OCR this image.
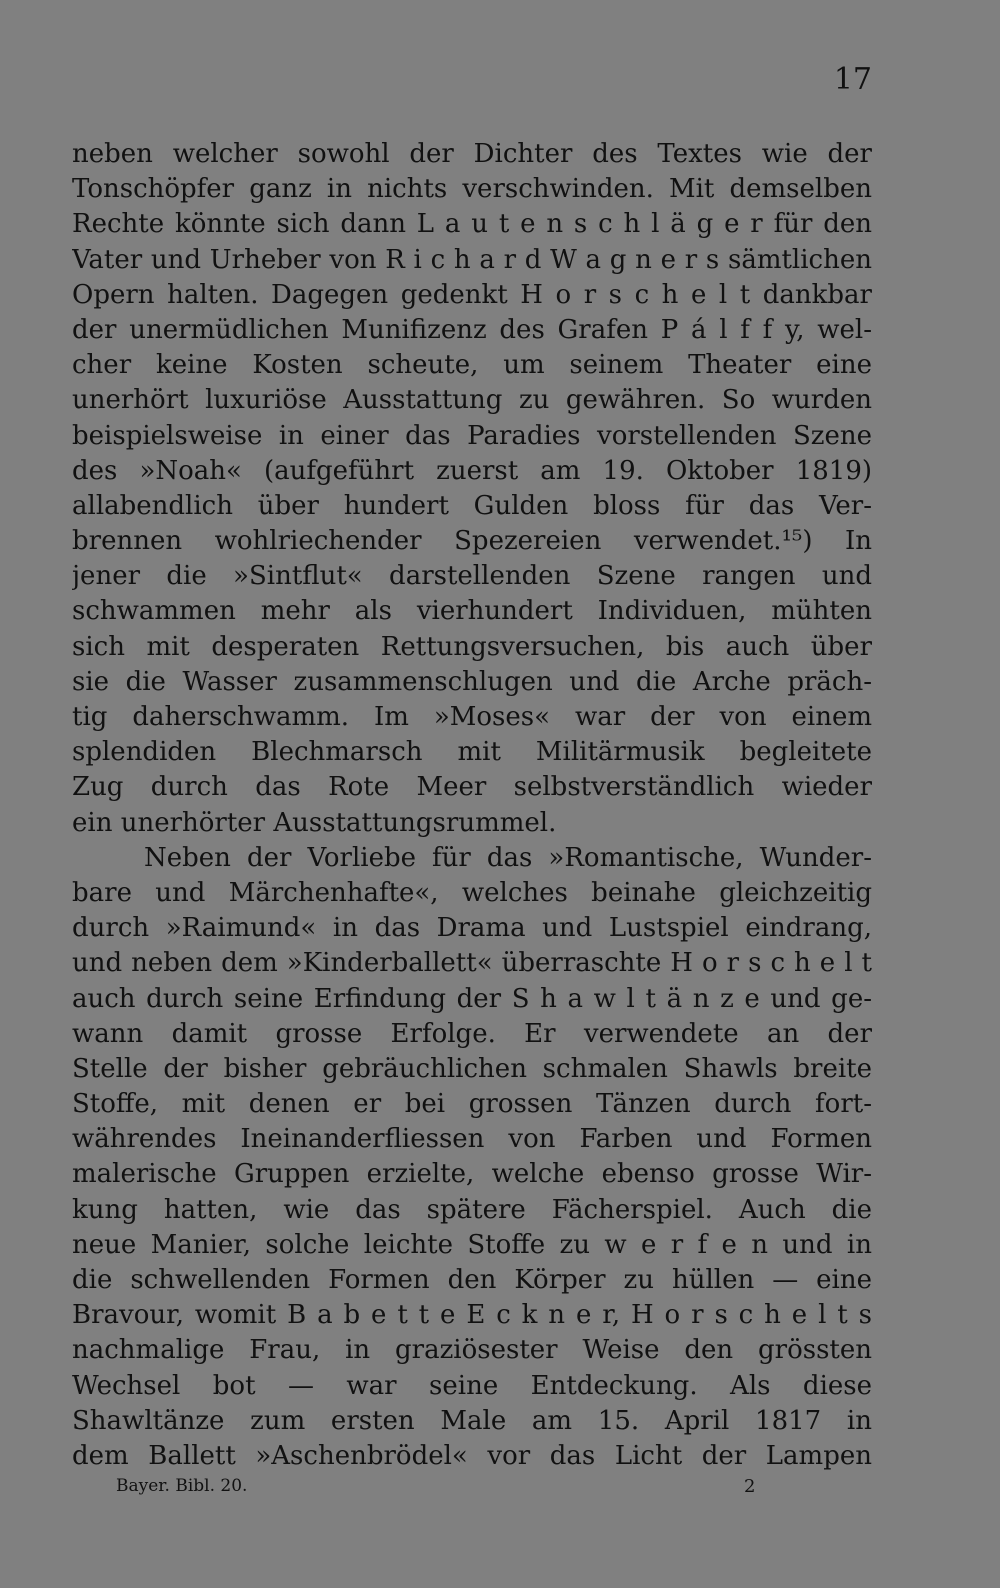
17
neben welcher sowohl der Dichter des Textes wie der
Tonschöpfer ganz in nichts verschwinden. Mit demselben
Rechte könnte sich dann L a u t e n s c h l ä g e r für den
Vater und Urheber von R i c h a r d W a g n e r s sämtlichen
Opern halten. Dagegen gedenkt H o r s c h e l t dankbar
der unermüdlichen Munifizenz des Grafen P á l f f y, wel-
cher keine Kosten scheute, um seinem Theater eine
unerhört luxuriöse Ausstattung zu gewähren. So wurden
beispielsweise in einer das Paradies vorstellenden Szene
des »Noah« (aufgeführt zuerst am 19. Oktober 1819)
allabendlich über hundert Gulden bloss für das Ver-
brennen wohlriechender Spezereien verwendet.¹⁵) In
jener die »Sintflut« darstellenden Szene rangen und
schwammen mehr als vierhundert Individuen, mühten
sich mit desperaten Rettungsversuchen, bis auch über
sie die Wasser zusammenschlugen und die Arche präch-
tig daherschwamm. Im »Moses« war der von einem
splendiden Blechmarsch mit Militärmusik begleitete
Zug durch das Rote Meer selbstverständlich wieder
ein unerhörter Ausstattungsrummel.
Neben der Vorliebe für das »Romantische, Wunder-
bare und Märchenhafte«, welches beinahe gleichzeitig
durch »Raimund« in das Drama und Lustspiel eindrang,
und neben dem »Kinderballett« überraschte H o r s c h e l t
auch durch seine Erfindung der S h a w l t ä n z e und ge-
wann damit grosse Erfolge. Er verwendete an der
Stelle der bisher gebräuchlichen schmalen Shawls breite
Stoffe, mit denen er bei grossen Tänzen durch fort-
währendes Ineinanderfliessen von Farben und Formen
malerische Gruppen erzielte, welche ebenso grosse Wir-
kung hatten, wie das spätere Fächerspiel. Auch die
neue Manier, solche leichte Stoffe zu w e r f e n und in
die schwellenden Formen den Körper zu hüllen — eine
Bravour, womit B a b e t t e E c k n e r, H o r s c h e l t s
nachmalige Frau, in graziösester Weise den grössten
Wechsel bot — war seine Entdeckung. Als diese
Shawltänze zum ersten Male am 15. April 1817 in
dem Ballett »Aschenbrödel« vor das Licht der Lampen
Bayer. Bibl. 20.	2
